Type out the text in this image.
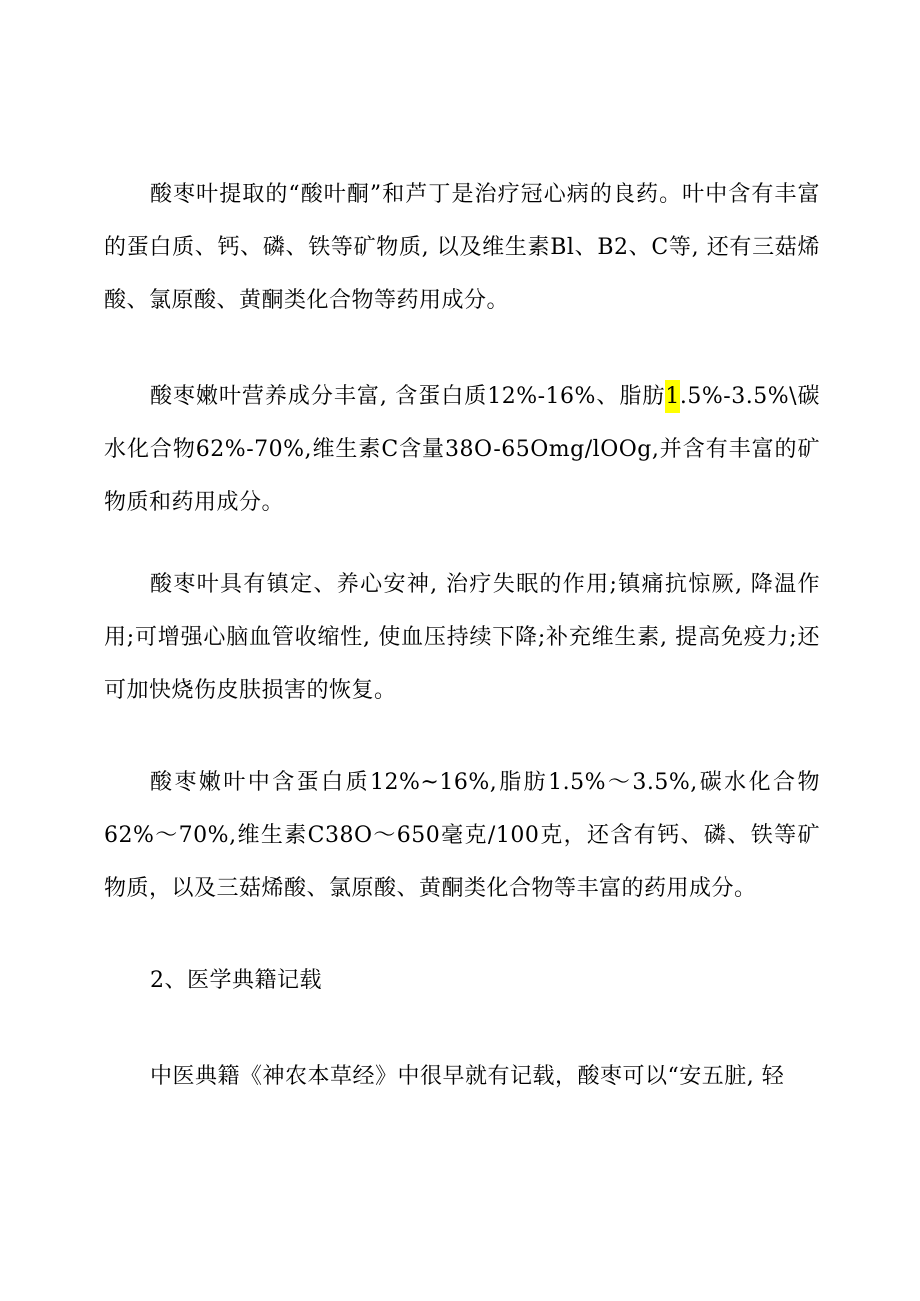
酸枣叶提取的“酸叶酮”和芦丁是治疗冠心病的良药。叶中含有丰富的蛋白质、钙、磷、铁等矿物质, 以及维生素Bl、B2、C等, 还有三菇烯酸、氯原酸、黄酮类化合物等药用成分。

酸枣嫩叶营养成分丰富, 含蛋白质12%-16%、脂肪1.5%-3.5%\碳水化合物62%-70%,维生素C含量38O-65Omg/lOOg,并含有丰富的矿物质和药用成分。

酸枣叶具有镇定、养心安神, 治疗失眠的作用;镇痛抗惊厥, 降温作用;可增强心脑血管收缩性, 使血压持续下降;补充维生素, 提高免疫力;还可加快烧伤皮肤损害的恢复。

酸枣嫩叶中含蛋白质12%~16%,脂肪1.5%～3.5%,碳水化合物62%～70%,维生素C38O～650毫克/100克，还含有钙、磷、铁等矿物质，以及三菇烯酸、氯原酸、黄酮类化合物等丰富的药用成分。

2、医学典籍记载

中医典籍《神农本草经》中很早就有记载，酸枣可以“安五脏, 轻
